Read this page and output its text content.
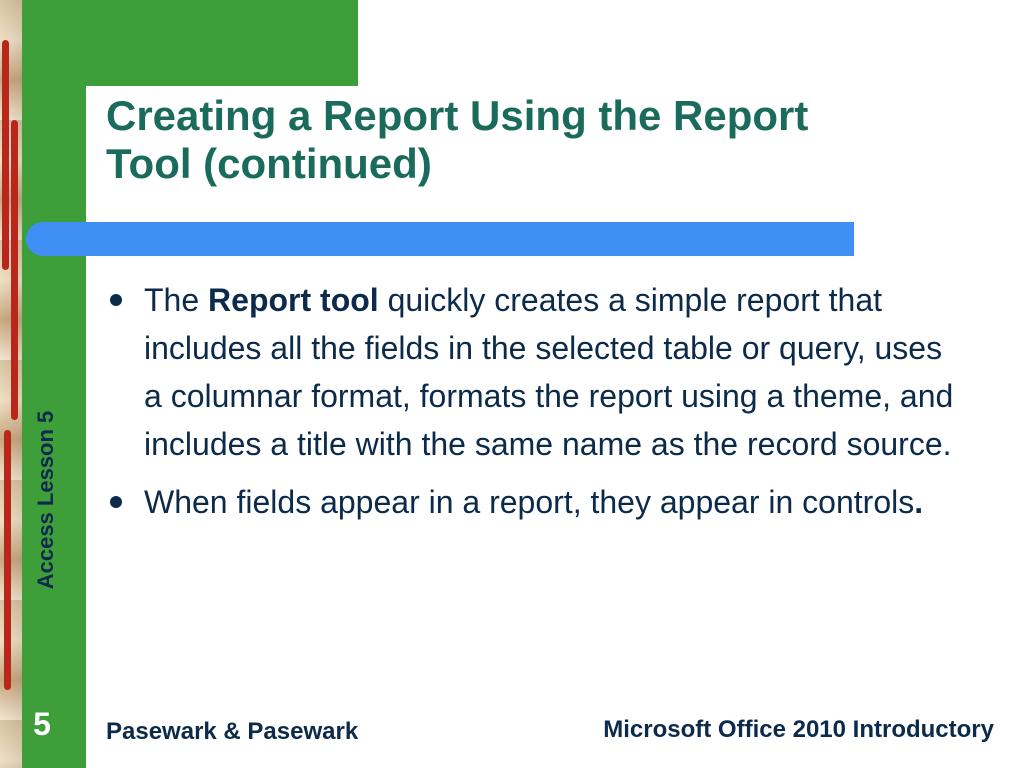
Creating a Report Using the Report Tool (continued)
The Report tool quickly creates a simple report that includes all the fields in the selected table or query, uses a columnar format, formats the report using a theme, and includes a title with the same name as the record source.
When fields appear in a report, they appear in controls.
Access Lesson 5
5	Pasewark & Pasewark	Microsoft Office 2010 Introductory
